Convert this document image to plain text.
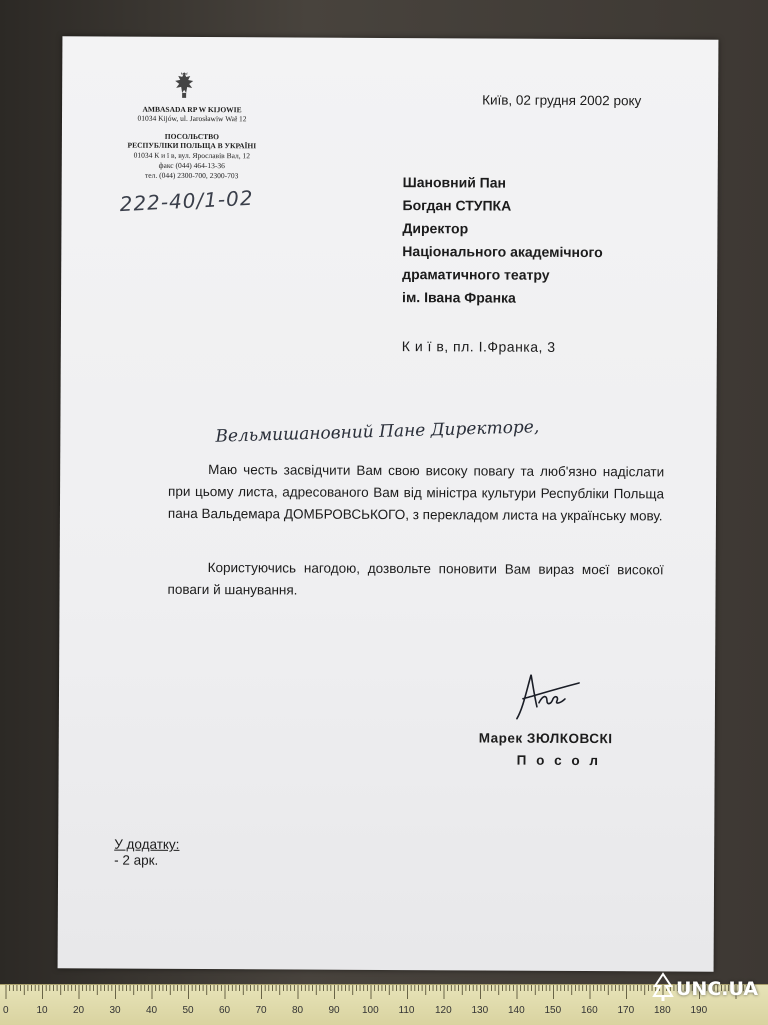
AMBASADA RP W KIJOWIE
01034 Kijów, ul. Jarosławiw Wał 12
ПОСОЛЬСТВО
РЕСПУБЛІКИ ПОЛЬЩА В УКРАЇНІ
01034 К и ї в, вул. Ярославів Вал, 12
факс (044) 464-13-36
тел. (044) 2300-700, 2300-703
222-40/1-02
Київ, 02 грудня 2002 року
Шановний Пан
Богдан СТУПКА
Директор
Національного академічного
драматичного театру
ім. Івана Франка
К и ї в, пл. І.Франка, 3
Вельмишановний Пане Директоре,
Маю честь засвідчити Вам свою високу повагу та люб'язно надіслати при цьому листа, адресованого Вам від міністра культури Республіки Польща пана Вальдемара ДОМБРОВСЬКОГО, з перекладом листа на українську мову.
Користуючись нагодою, дозвольте поновити Вам вираз моєї високої поваги й шанування.
Марек ЗЮЛКОВСКІ
П о с о л
У додатку:
- 2 арк.
0	10	20	30	40	50	60	70	80	90 100 110 120 130 140 150 160 170 180 190
UNC.UA
